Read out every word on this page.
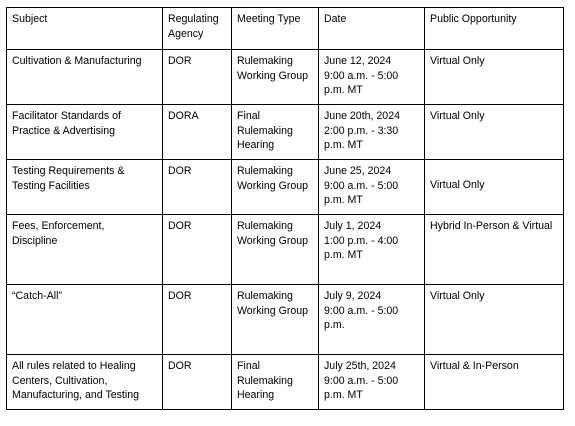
Subject	Regulating
Agency	Meeting Type	Date	Public Opportunity

Cultivation & Manufacturing	DOR	Rulemaking
Working Group	June 12, 2024
9:00 a.m. - 5:00
p.m. MT	Virtual Only

Facilitator Standards of
Practice & Advertising	DORA	Final
Rulemaking
Hearing	June 20th, 2024
2:00 p.m. - 3:30
p.m. MT	Virtual Only

Testing Requirements &
Testing Facilities	DOR	Rulemaking
Working Group	June 25, 2024
9:00 a.m. - 5:00
p.m. MT	Virtual Only

Fees, Enforcement,
Discipline	DOR	Rulemaking
Working Group	July 1, 2024
1:00 p.m. - 4:00
p.m. MT	Hybrid In-Person & Virtual

“Catch-All”	DOR	Rulemaking
Working Group	July 9, 2024
9:00 a.m. - 5:00
p.m.	Virtual Only

All rules related to Healing
Centers, Cultivation,
Manufacturing, and Testing	DOR	Final
Rulemaking
Hearing	July 25th, 2024
9:00 a.m. - 5:00
p.m. MT	Virtual & In-Person
